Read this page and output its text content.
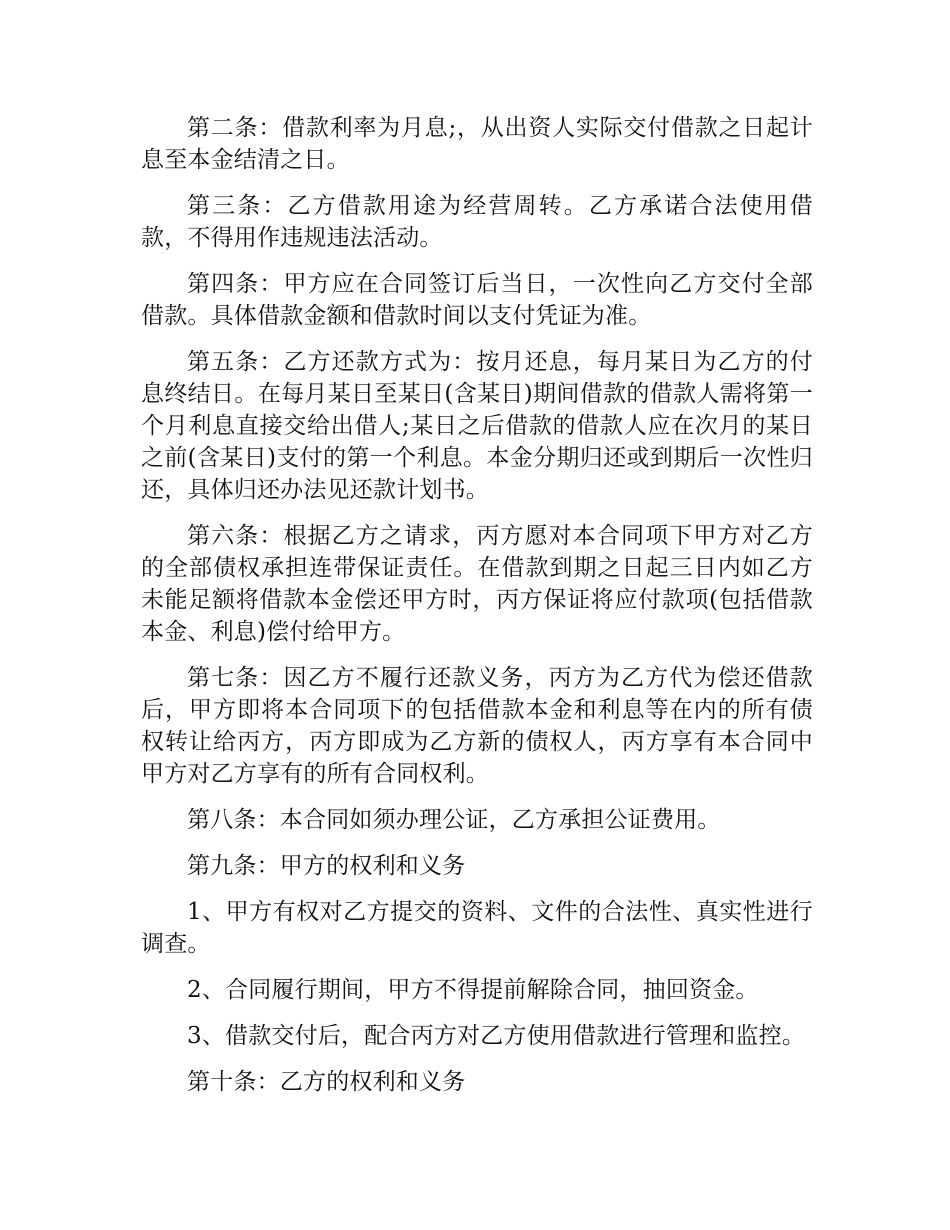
第二条：借款利率为月息;，从出资人实际交付借款之日起计息至本金结清之日。

第三条：乙方借款用途为经营周转。乙方承诺合法使用借款，不得用作违规违法活动。

第四条：甲方应在合同签订后当日，一次性向乙方交付全部借款。具体借款金额和借款时间以支付凭证为准。

第五条：乙方还款方式为：按月还息，每月某日为乙方的付息终结日。在每月某日至某日(含某日)期间借款的借款人需将第一个月利息直接交给出借人;某日之后借款的借款人应在次月的某日之前(含某日)支付的第一个利息。本金分期归还或到期后一次性归还，具体归还办法见还款计划书。

第六条：根据乙方之请求，丙方愿对本合同项下甲方对乙方的全部债权承担连带保证责任。在借款到期之日起三日内如乙方未能足额将借款本金偿还甲方时，丙方保证将应付款项(包括借款本金、利息)偿付给甲方。

第七条：因乙方不履行还款义务，丙方为乙方代为偿还借款后，甲方即将本合同项下的包括借款本金和利息等在内的所有债权转让给丙方，丙方即成为乙方新的债权人，丙方享有本合同中甲方对乙方享有的所有合同权利。

第八条：本合同如须办理公证，乙方承担公证费用。

第九条：甲方的权利和义务

1、甲方有权对乙方提交的资料、文件的合法性、真实性进行调查。

2、合同履行期间，甲方不得提前解除合同，抽回资金。

3、借款交付后，配合丙方对乙方使用借款进行管理和监控。

第十条：乙方的权利和义务
